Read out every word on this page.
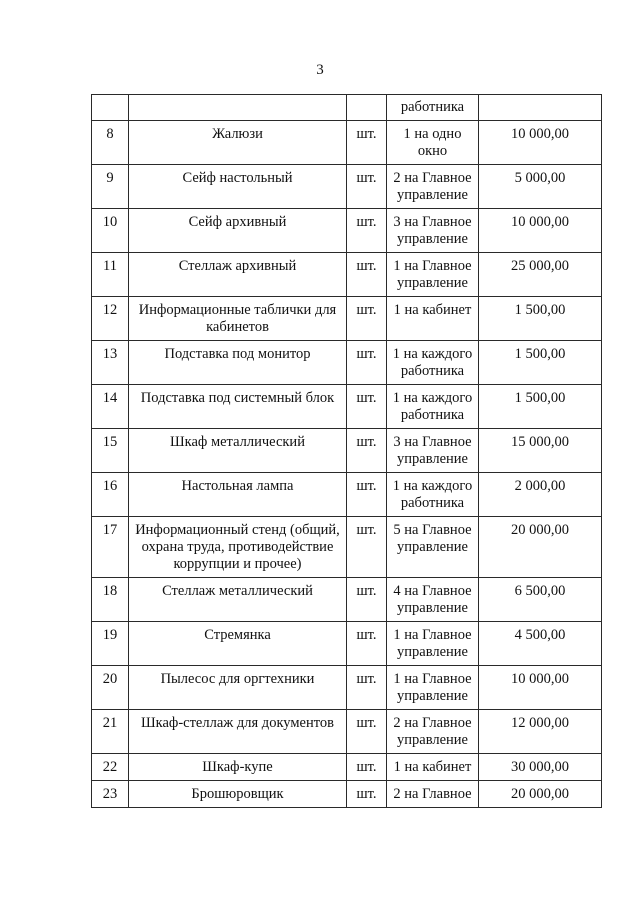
3
			работника	
8	Жалюзи	шт.	1 на одно окно	10 000,00
9	Сейф настольный	шт.	2 на Главное управление	5 000,00
10	Сейф архивный	шт.	3 на Главное управление	10 000,00
11	Стеллаж архивный	шт.	1 на Главное управление	25 000,00
12	Информационные таблички для кабинетов	шт.	1 на кабинет	1 500,00
13	Подставка под монитор	шт.	1 на каждого работника	1 500,00
14	Подставка под системный блок	шт.	1 на каждого работника	1 500,00
15	Шкаф металлический	шт.	3 на Главное управление	15 000,00
16	Настольная лампа	шт.	1 на каждого работника	2 000,00
17	Информационный стенд (общий, охрана труда, противодействие коррупции и прочее)	шт.	5 на Главное управление	20 000,00
18	Стеллаж металлический	шт.	4 на Главное управление	6 500,00
19	Стремянка	шт.	1 на Главное управление	4 500,00
20	Пылесос для оргтехники	шт.	1 на Главное управление	10 000,00
21	Шкаф-стеллаж для документов	шт.	2 на Главное управление	12 000,00
22	Шкаф-купе	шт.	1 на кабинет	30 000,00
23	Брошюровщик	шт.	2 на Главное	20 000,00
